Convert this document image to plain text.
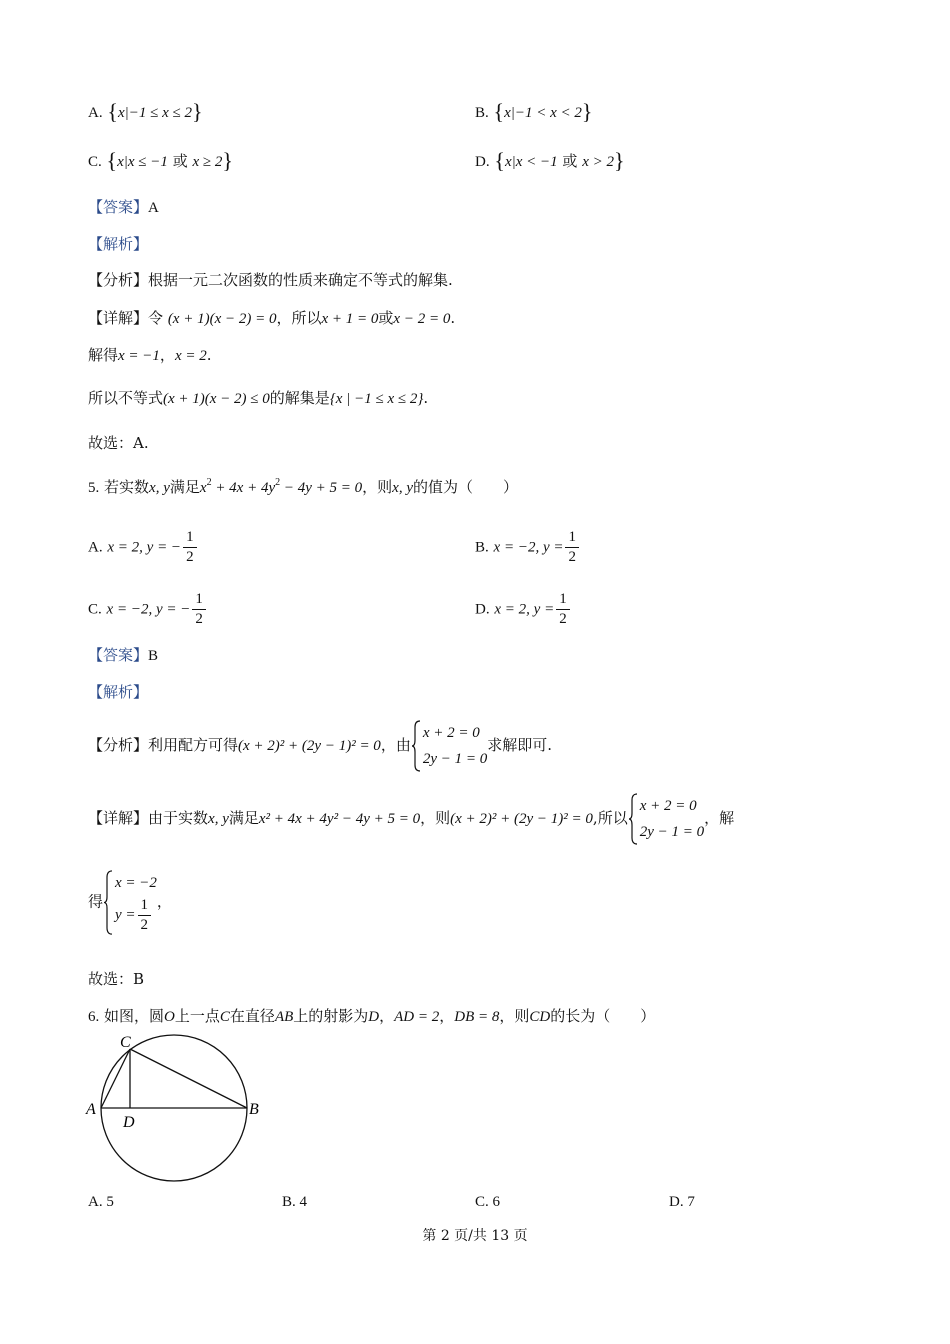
A. {x|−1 ≤ x ≤ 2}	B. {x|−1 < x < 2}
C. {x|x ≤ −1 或 x ≥ 2}	D. {x|x < −1 或 x > 2}
【答案】A
【解析】
【分析】根据一元二次函数的性质来确定不等式的解集.
【详解】令 (x + 1)(x − 2) = 0，所以x + 1 = 0或x − 2 = 0.
解得x = −1，x = 2.
所以不等式(x + 1)(x − 2) ≤ 0的解集是{x | −1 ≤ x ≤ 2}.
故选：A.
5. 若实数x, y满足$x^2 + 4x + 4y^2 - 4y + 5 = 0$，则x, y的值为（　　）
A. x = 2, y = − $\frac{1}{2}$	B. x = −2, $y = \frac{1}{2}$
C. x = −2, y = − $\frac{1}{2}$	D. x = 2, $y = \frac{1}{2}$
【答案】B
【解析】
【分析】利用配方可得(x + 2)² + (2y − 1)² = 0，由
x + 2 = 0
2y − 1 = 0
求解即可.
【详解】由于实数x, y满足x² + 4x + 4y² − 4y + 5 = 0，则(x + 2)² + (2y − 1)² = 0,所以
x + 2 = 0
2y − 1 = 0
，解
得
x = −2
$y = \frac{1}{2}$ ，
故选：B
6. 如图，圆O上一点C在直径AB上的射影为D，AD = 2，DB = 8，则CD的长为（　　）
C
A	B
D
A. 5	B. 4	C. 6	D. 7
第 2 页/共 13 页
